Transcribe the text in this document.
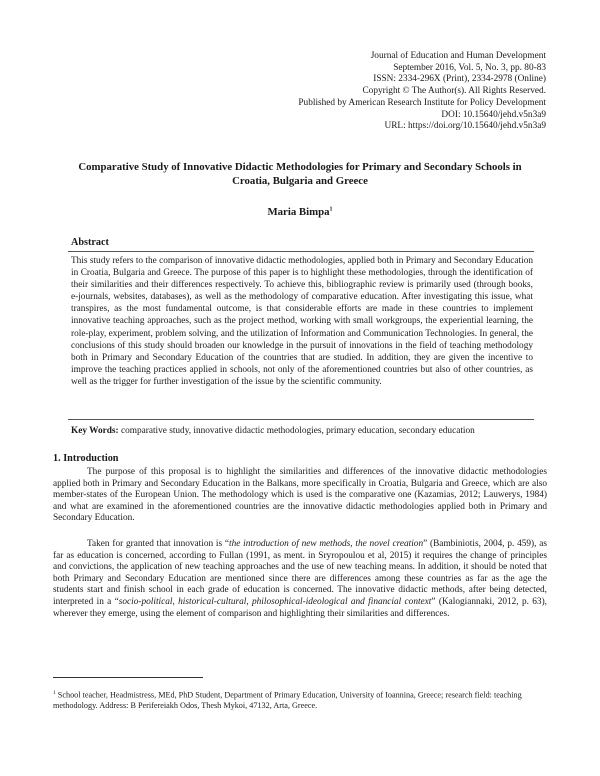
Journal of Education and Human Development
September 2016, Vol. 5, No. 3, pp. 80-83
ISSN: 2334-296X (Print), 2334-2978 (Online)
Copyright © The Author(s). All Rights Reserved.
Published by American Research Institute for Policy Development
DOI: 10.15640/jehd.v5n3a9
URL: https://doi.org/10.15640/jehd.v5n3a9
Comparative Study of Innovative Didactic Methodologies for Primary and Secondary Schools in Croatia, Bulgaria and Greece
Maria Bimpa$^1$
Abstract
This study refers to the comparison of innovative didactic methodologies, applied both in Primary and Secondary Education in Croatia, Bulgaria and Greece. The purpose of this paper is to highlight these methodologies, through the identification of their similarities and their differences respectively. To achieve this, bibliographic review is primarily used (through books, e-journals, websites, databases), as well as the methodology of comparative education. After investigating this issue, what transpires, as the most fundamental outcome, is that considerable efforts are made in these countries to implement innovative teaching approaches, such as the project method, working with small workgroups, the experiential learning, the role-play, experiment, problem solving, and the utilization of Information and Communication Technologies. In general, the conclusions of this study should broaden our knowledge in the pursuit of innovations in the field of teaching methodology both in Primary and Secondary Education of the countries that are studied. In addition, they are given the incentive to improve the teaching practices applied in schools, not only of the aforementioned countries but also of other countries, as well as the trigger for further investigation of the issue by the scientific community.
Key Words: comparative study, innovative didactic methodologies, primary education, secondary education
1. Introduction

The purpose of this proposal is to highlight the similarities and differences of the innovative didactic methodologies applied both in Primary and Secondary Education in the Balkans, more specifically in Croatia, Bulgaria and Greece, which are also member-states of the European Union. The methodology which is used is the comparative one (Kazamias, 2012; Lauwerys, 1984) and what are examined in the aforementioned countries are the innovative didactic methodologies applied both in Primary and Secondary Education.

Taken for granted that innovation is “the introduction of new methods, the novel creation” (Bambiniotis, 2004, p. 459), as far as education is concerned, according to Fullan (1991, as ment. in Sryropoulou et al, 2015) it requires the change of principles and convictions, the application of new teaching approaches and the use of new teaching means. In addition, it should be noted that both Primary and Secondary Education are mentioned since there are differences among these countries as far as the age the students start and finish school in each grade of education is concerned. The innovative didactic methods, after being detected, interpreted in a “socio-political, historical-cultural, philosophical-ideological and financial context” (Kalogiannaki, 2012, p. 63), wherever they emerge, using the element of comparison and highlighting their similarities and differences.

$^1$ School teacher, Headmistress, MEd, PhD Student, Department of Primary Education, University of Ioannina, Greece; research field: teaching methodology. Address: B Perifereiakh Odos, Thesh Mykoi, 47132, Arta, Greece.
